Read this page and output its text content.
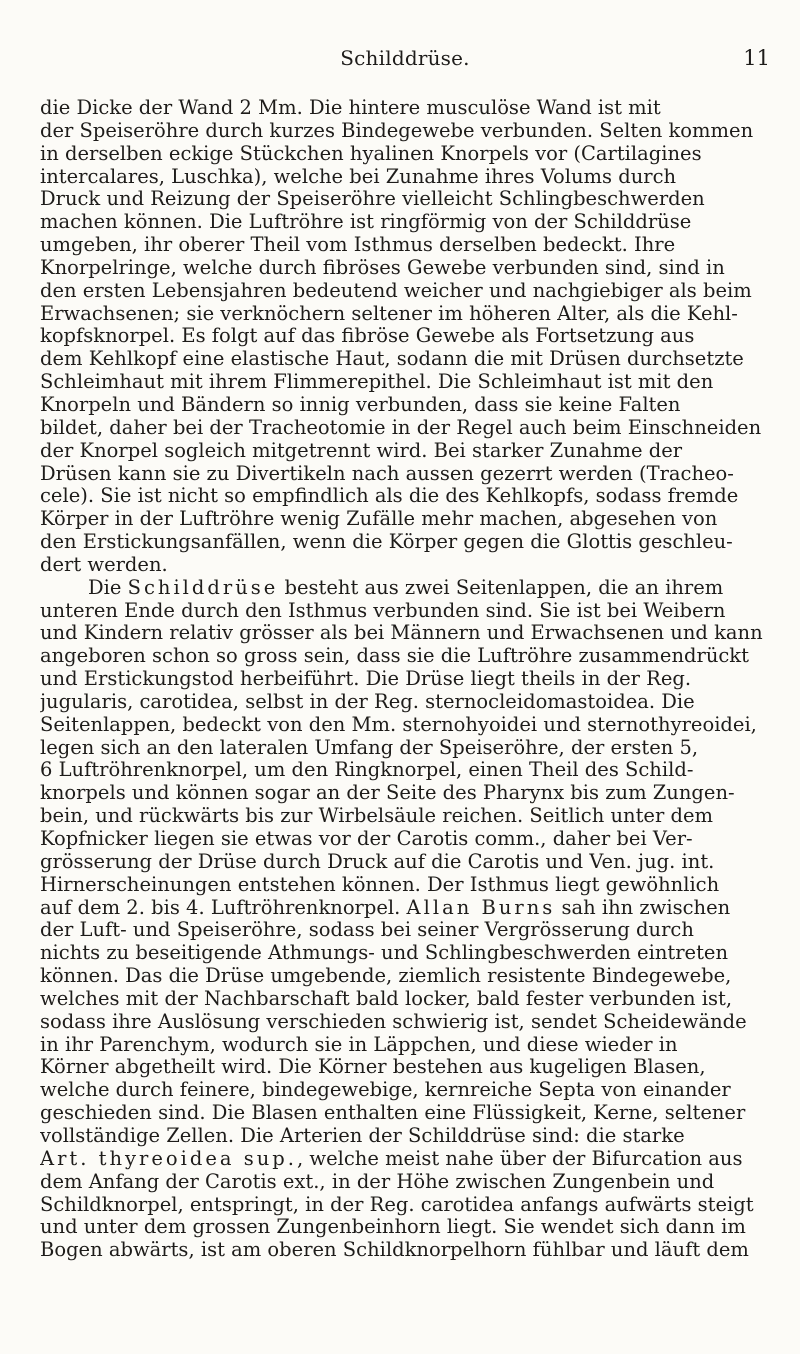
Schilddrüse.	11
die Dicke der Wand 2 Mm. Die hintere musculöse Wand ist mit
der Speiseröhre durch kurzes Bindegewebe verbunden. Selten kommen
in derselben eckige Stückchen hyalinen Knorpels vor (Cartilagines
intercalares, Luschka), welche bei Zunahme ihres Volums durch
Druck und Reizung der Speiseröhre vielleicht Schlingbeschwerden
machen können. Die Luftröhre ist ringförmig von der Schilddrüse
umgeben, ihr oberer Theil vom Isthmus derselben bedeckt. Ihre
Knorpelringe, welche durch fibröses Gewebe verbunden sind, sind in
den ersten Lebensjahren bedeutend weicher und nachgiebiger als beim
Erwachsenen; sie verknöchern seltener im höheren Alter, als die Kehl-
kopfsknorpel. Es folgt auf das fibröse Gewebe als Fortsetzung aus
dem Kehlkopf eine elastische Haut, sodann die mit Drüsen durchsetzte
Schleimhaut mit ihrem Flimmerepithel. Die Schleimhaut ist mit den
Knorpeln und Bändern so innig verbunden, dass sie keine Falten
bildet, daher bei der Tracheotomie in der Regel auch beim Einschneiden
der Knorpel sogleich mitgetrennt wird. Bei starker Zunahme der
Drüsen kann sie zu Divertikeln nach aussen gezerrt werden (Tracheo-
cele). Sie ist nicht so empfindlich als die des Kehlkopfs, sodass fremde
Körper in der Luftröhre wenig Zufälle mehr machen, abgesehen von
den Erstickungsanfällen, wenn die Körper gegen die Glottis geschleu-
dert werden.
Die Schilddrüse besteht aus zwei Seitenlappen, die an ihrem
unteren Ende durch den Isthmus verbunden sind. Sie ist bei Weibern
und Kindern relativ grösser als bei Männern und Erwachsenen und kann
angeboren schon so gross sein, dass sie die Luftröhre zusammendrückt
und Erstickungstod herbeiführt. Die Drüse liegt theils in der Reg.
jugularis, carotidea, selbst in der Reg. sternocleidomastoidea. Die
Seitenlappen, bedeckt von den Mm. sternohyoidei und sternothyreoidei,
legen sich an den lateralen Umfang der Speiseröhre, der ersten 5,
6 Luftröhrenknorpel, um den Ringknorpel, einen Theil des Schild-
knorpels und können sogar an der Seite des Pharynx bis zum Zungen-
bein, und rückwärts bis zur Wirbelsäule reichen. Seitlich unter dem
Kopfnicker liegen sie etwas vor der Carotis comm., daher bei Ver-
grösserung der Drüse durch Druck auf die Carotis und Ven. jug. int.
Hirnerscheinungen entstehen können. Der Isthmus liegt gewöhnlich
auf dem 2. bis 4. Luftröhrenknorpel. Allan Burns sah ihn zwischen
der Luft- und Speiseröhre, sodass bei seiner Vergrösserung durch
nichts zu beseitigende Athmungs- und Schlingbeschwerden eintreten
können. Das die Drüse umgebende, ziemlich resistente Bindegewebe,
welches mit der Nachbarschaft bald locker, bald fester verbunden ist,
sodass ihre Auslösung verschieden schwierig ist, sendet Scheidewände
in ihr Parenchym, wodurch sie in Läppchen, und diese wieder in
Körner abgetheilt wird. Die Körner bestehen aus kugeligen Blasen,
welche durch feinere, bindegewebige, kernreiche Septa von einander
geschieden sind. Die Blasen enthalten eine Flüssigkeit, Kerne, seltener
vollständige Zellen. Die Arterien der Schilddrüse sind: die starke
Art. thyreoidea sup., welche meist nahe über der Bifurcation aus
dem Anfang der Carotis ext., in der Höhe zwischen Zungenbein und
Schildknorpel, entspringt, in der Reg. carotidea anfangs aufwärts steigt
und unter dem grossen Zungenbeinhorn liegt. Sie wendet sich dann im
Bogen abwärts, ist am oberen Schildknorpelhorn fühlbar und läuft dem
